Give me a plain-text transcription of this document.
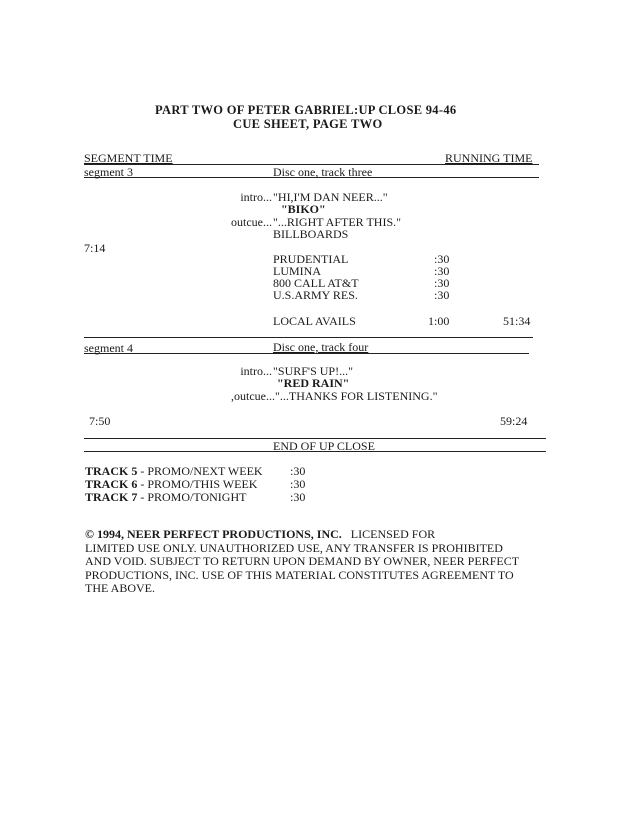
PART TWO OF PETER GABRIEL:UP CLOSE 94-46
CUE SHEET, PAGE TWO
SEGMENT TIME	RUNNING TIME
segment 3	Disc one, track three
intro... "HI,I'M DAN NEER..."
"BIKO"
outcue... "...RIGHT AFTER THIS."
BILLBOARDS
7:14
PRUDENTIAL	:30
LUMINA	:30
800 CALL AT&T	:30
U.S.ARMY RES.	:30
LOCAL AVAILS	1:00	51:34
segment 4	Disc one, track four
intro... "SURF'S UP!..."
"RED RAIN"
,outcue... "...THANKS FOR LISTENING."
7:50	59:24
END OF UP CLOSE
TRACK 5 - PROMO/NEXT WEEK :30
TRACK 6 - PROMO/THIS WEEK	:30
TRACK 7 - PROMO/TONIGHT	:30
© 1994, NEER PERFECT PRODUCTIONS, INC. LICENSED FOR
LIMITED USE ONLY. UNAUTHORIZED USE, ANY TRANSFER IS PROHIBITED
AND VOID. SUBJECT TO RETURN UPON DEMAND BY OWNER, NEER PERFECT
PRODUCTIONS, INC. USE OF THIS MATERIAL CONSTITUTES AGREEMENT TO
THE ABOVE.
